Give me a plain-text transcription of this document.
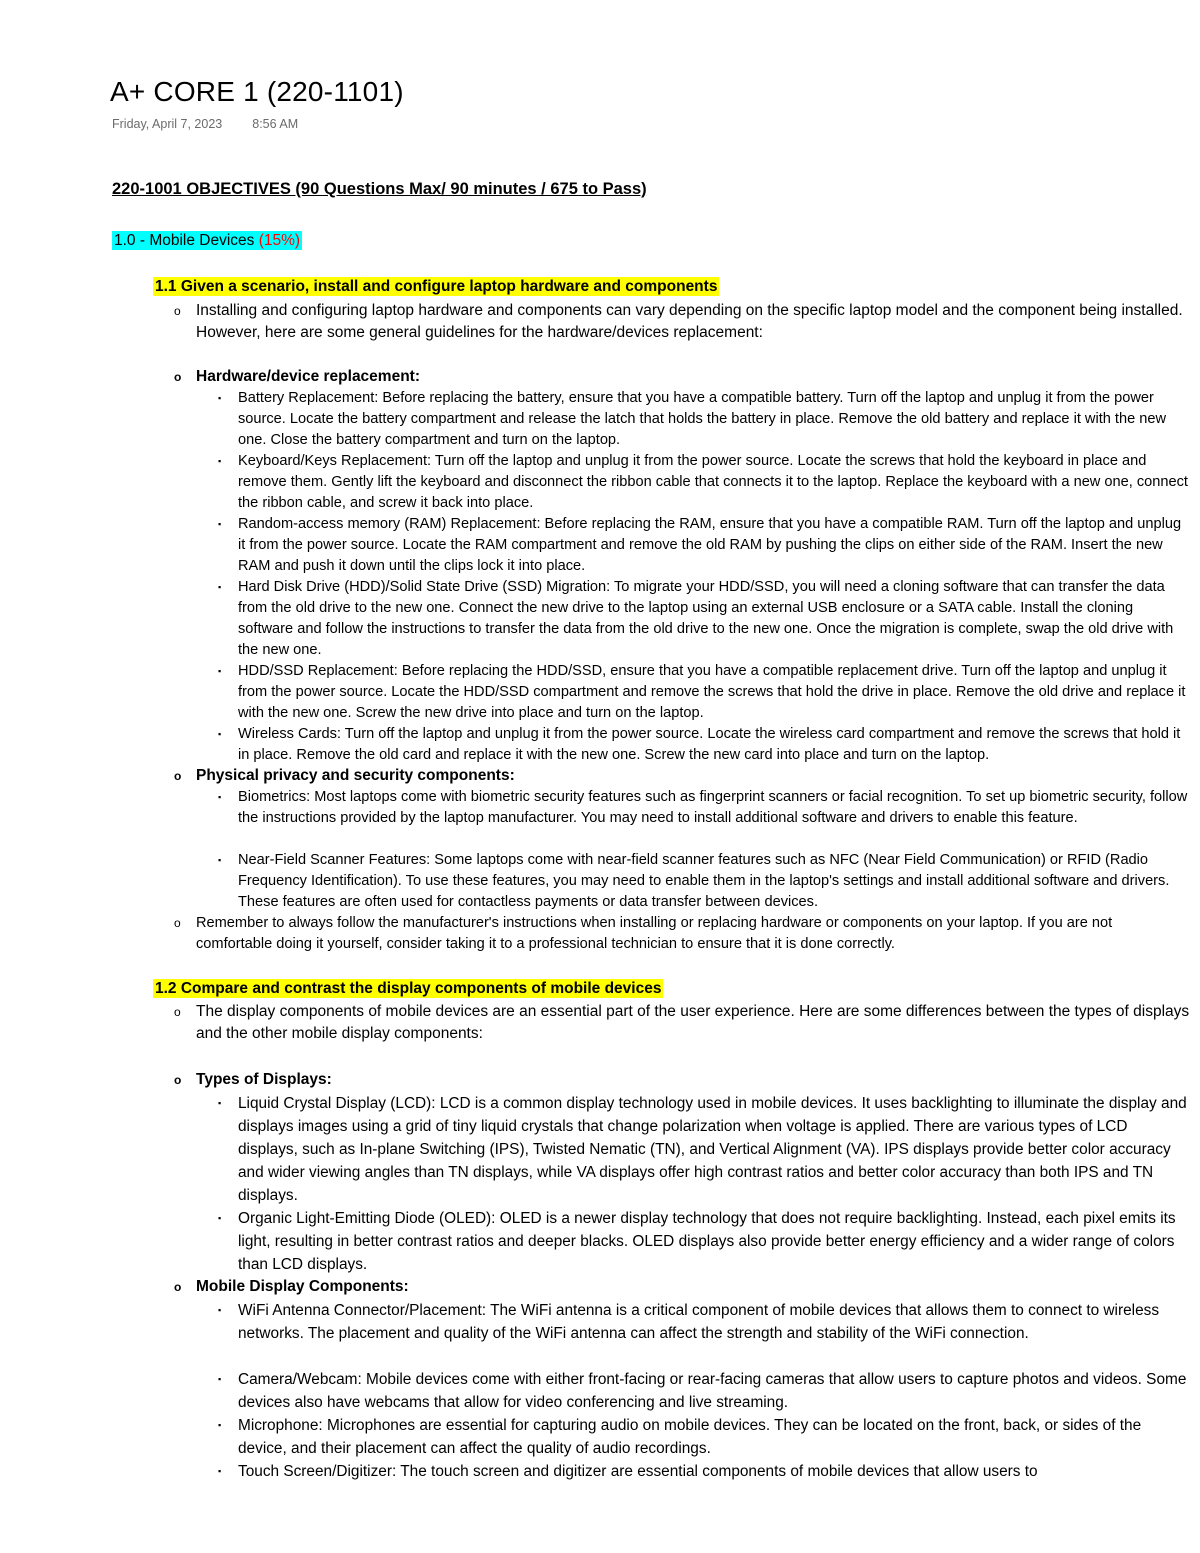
A+ CORE 1 (220-1101)
Friday, April 7, 2023 8:56 AM
220-1001 OBJECTIVES (90 Questions Max/ 90 minutes / 675 to Pass)
1.0 - Mobile Devices (15%)
1.1 Given a scenario, install and configure laptop hardware and components
o Installing and configuring laptop hardware and components can vary depending on the specific laptop model and the component being installed. However, here are some general guidelines for the hardware/devices replacement:
o Hardware/device replacement:
▪ Battery Replacement: Before replacing the battery, ensure that you have a compatible battery. Turn off the laptop and unplug it from the power source. Locate the battery compartment and release the latch that holds the battery in place. Remove the old battery and replace it with the new one. Close the battery compartment and turn on the laptop.
▪ Keyboard/Keys Replacement: Turn off the laptop and unplug it from the power source. Locate the screws that hold the keyboard in place and remove them. Gently lift the keyboard and disconnect the ribbon cable that connects it to the laptop. Replace the keyboard with a new one, connect the ribbon cable, and screw it back into place.
▪ Random-access memory (RAM) Replacement: Before replacing the RAM, ensure that you have a compatible RAM. Turn off the laptop and unplug it from the power source. Locate the RAM compartment and remove the old RAM by pushing the clips on either side of the RAM. Insert the new RAM and push it down until the clips lock it into place.
▪ Hard Disk Drive (HDD)/Solid State Drive (SSD) Migration: To migrate your HDD/SSD, you will need a cloning software that can transfer the data from the old drive to the new one. Connect the new drive to the laptop using an external USB enclosure or a SATA cable. Install the cloning software and follow the instructions to transfer the data from the old drive to the new one. Once the migration is complete, swap the old drive with the new one.
▪ HDD/SSD Replacement: Before replacing the HDD/SSD, ensure that you have a compatible replacement drive. Turn off the laptop and unplug it from the power source. Locate the HDD/SSD compartment and remove the screws that hold the drive in place. Remove the old drive and replace it with the new one. Screw the new drive into place and turn on the laptop.
▪ Wireless Cards: Turn off the laptop and unplug it from the power source. Locate the wireless card compartment and remove the screws that hold it in place. Remove the old card and replace it with the new one. Screw the new card into place and turn on the laptop.
o Physical privacy and security components:
▪ Biometrics: Most laptops come with biometric security features such as fingerprint scanners or facial recognition. To set up biometric security, follow the instructions provided by the laptop manufacturer. You may need to install additional software and drivers to enable this feature.
▪ Near-Field Scanner Features: Some laptops come with near-field scanner features such as NFC (Near Field Communication) or RFID (Radio Frequency Identification). To use these features, you may need to enable them in the laptop's settings and install additional software and drivers. These features are often used for contactless payments or data transfer between devices.
o Remember to always follow the manufacturer's instructions when installing or replacing hardware or components on your laptop. If you are not comfortable doing it yourself, consider taking it to a professional technician to ensure that it is done correctly.
1.2 Compare and contrast the display components of mobile devices
o The display components of mobile devices are an essential part of the user experience. Here are some differences between the types of displays and the other mobile display components:
o Types of Displays:
▪ Liquid Crystal Display (LCD): LCD is a common display technology used in mobile devices. It uses backlighting to illuminate the display and displays images using a grid of tiny liquid crystals that change polarization when voltage is applied. There are various types of LCD displays, such as In-plane Switching (IPS), Twisted Nematic (TN), and Vertical Alignment (VA). IPS displays provide better color accuracy and wider viewing angles than TN displays, while VA displays offer high contrast ratios and better color accuracy than both IPS and TN displays.
▪ Organic Light-Emitting Diode (OLED): OLED is a newer display technology that does not require backlighting. Instead, each pixel emits its light, resulting in better contrast ratios and deeper blacks. OLED displays also provide better energy efficiency and a wider range of colors than LCD displays.
o Mobile Display Components:
▪ WiFi Antenna Connector/Placement: The WiFi antenna is a critical component of mobile devices that allows them to connect to wireless networks. The placement and quality of the WiFi antenna can affect the strength and stability of the WiFi connection.
▪ Camera/Webcam: Mobile devices come with either front-facing or rear-facing cameras that allow users to capture photos and videos. Some devices also have webcams that allow for video conferencing and live streaming.
▪ Microphone: Microphones are essential for capturing audio on mobile devices. They can be located on the front, back, or sides of the device, and their placement can affect the quality of audio recordings.
▪ Touch Screen/Digitizer: The touch screen and digitizer are essential components of mobile devices that allow users to
